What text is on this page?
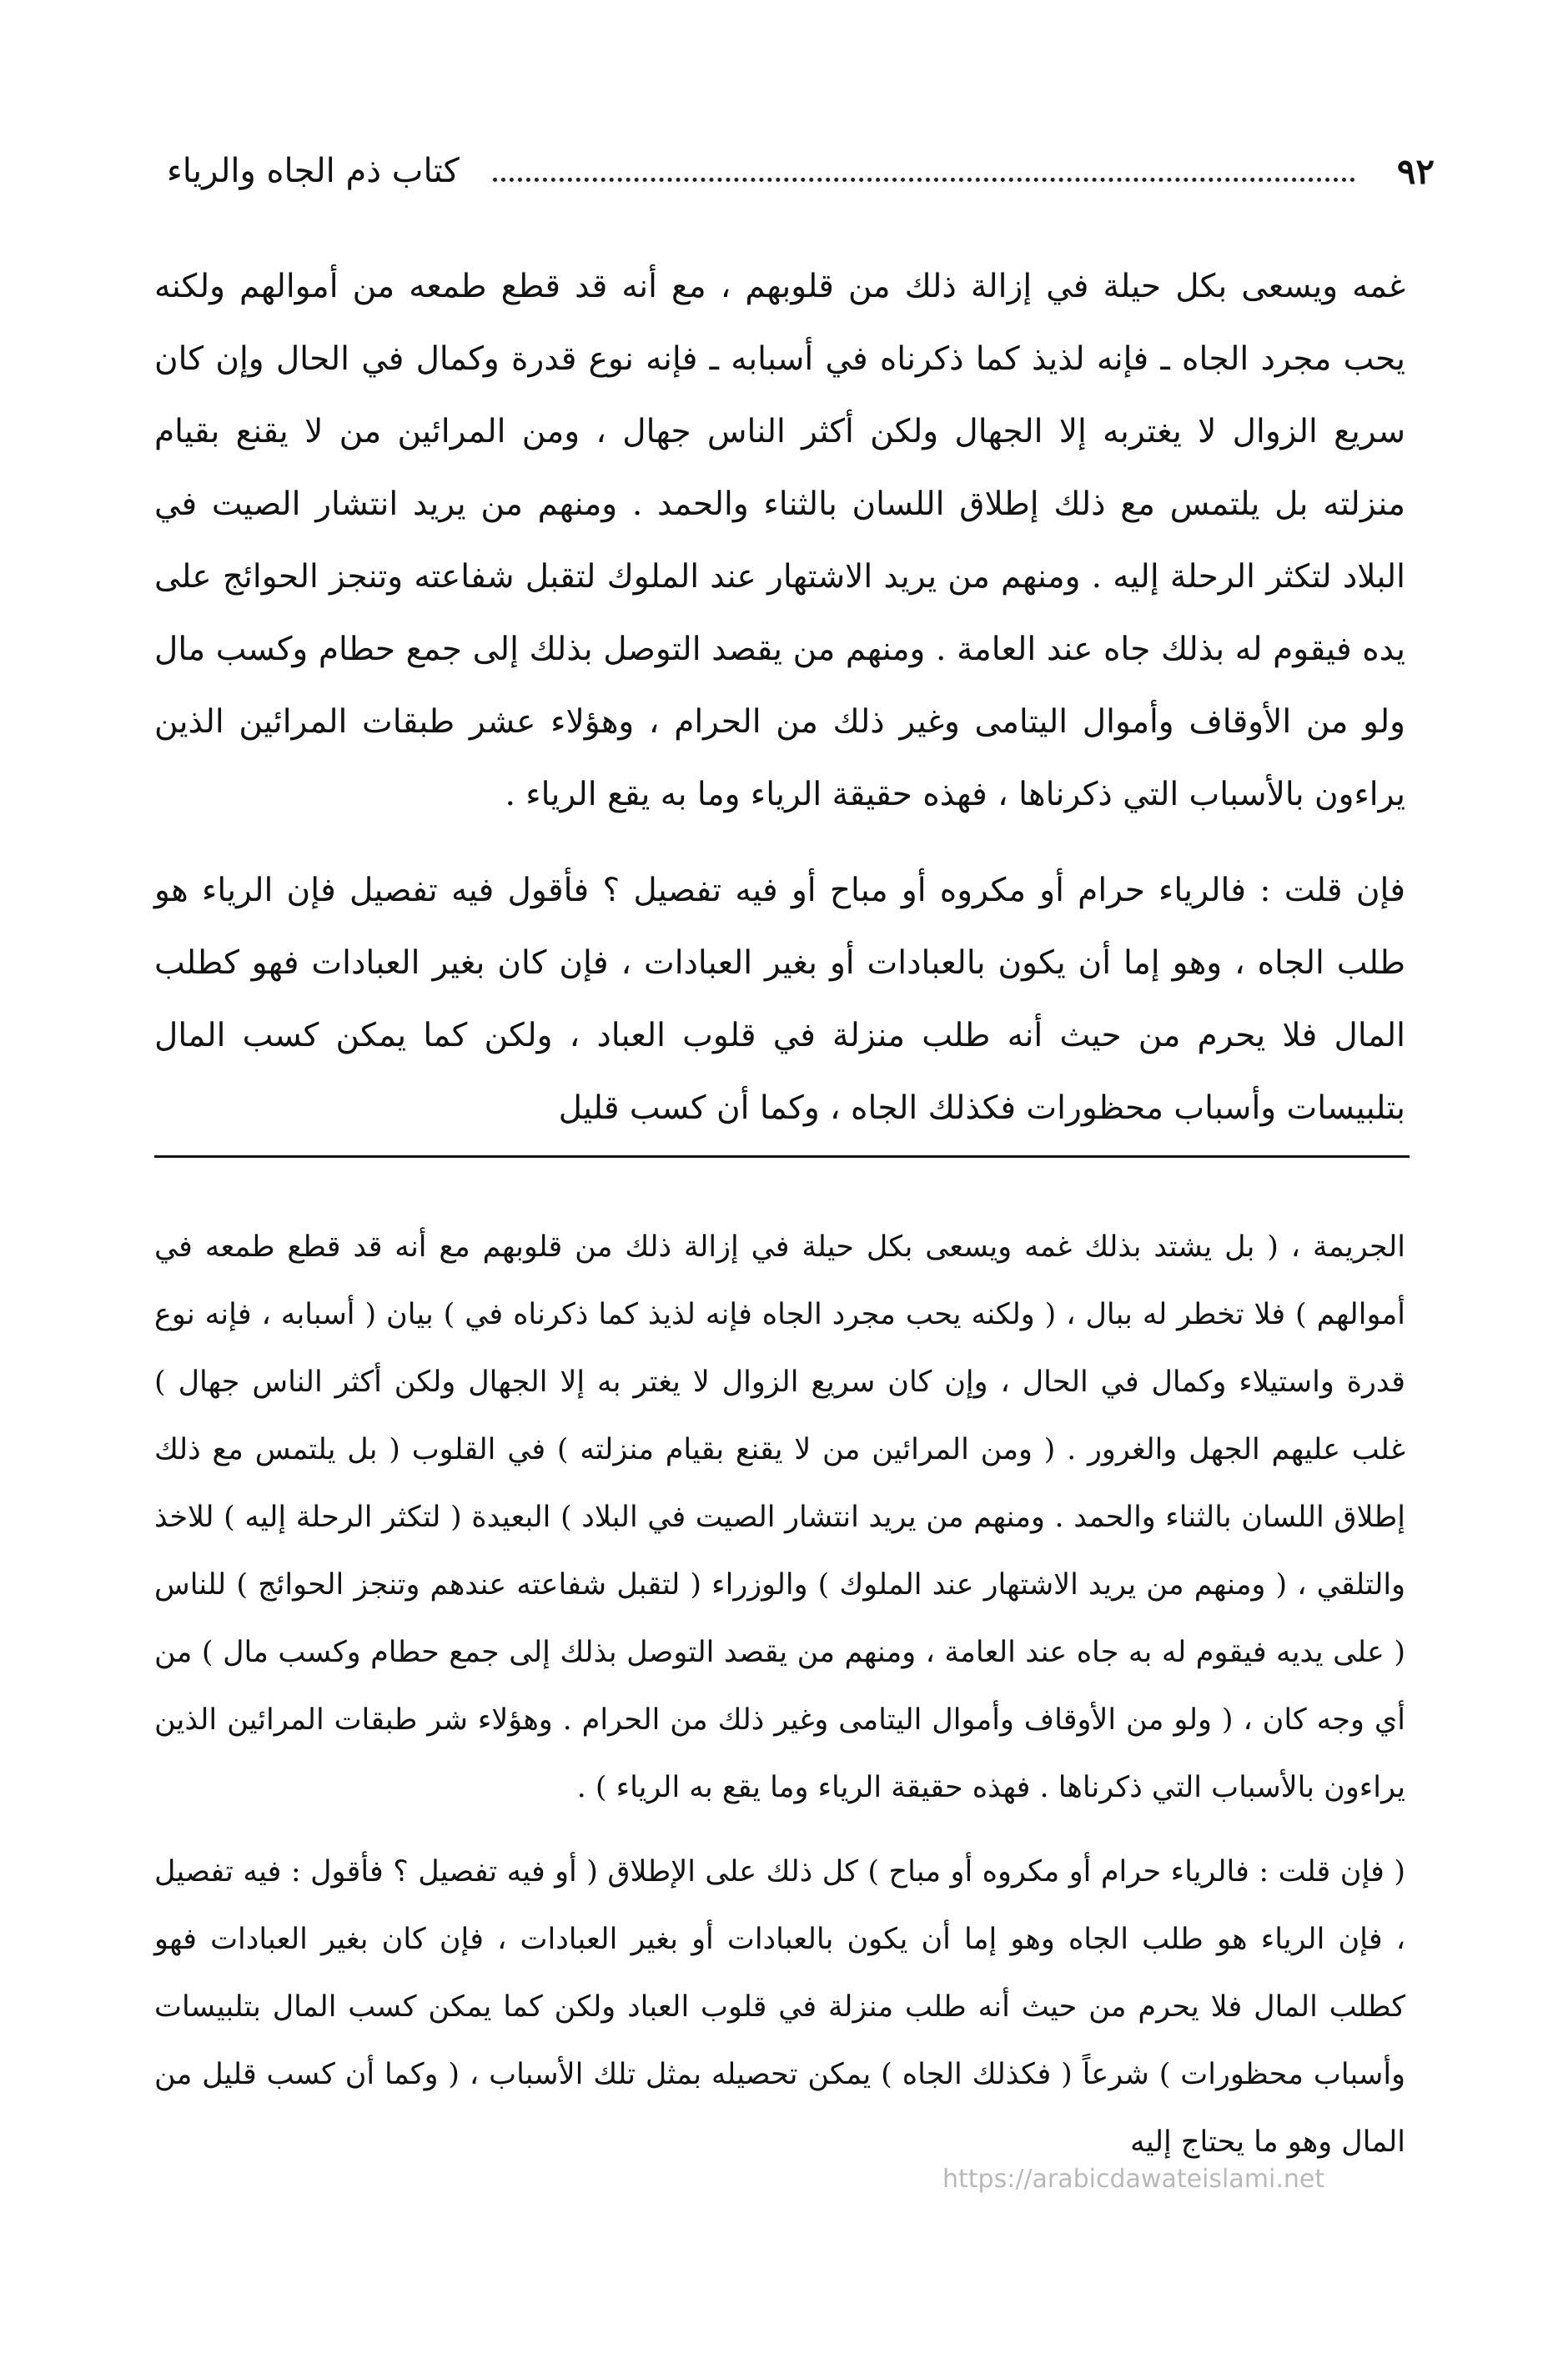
٩٢
كتاب ذم الجاه والرياء

غمه ويسعى بكل حيلة في إزالة ذلك من قلوبهم ، مع أنه قد قطع طمعه من أموالهم ولكنه يحب مجرد الجاه ـ فإنه لذيذ كما ذكرناه في أسبابه ـ فإنه نوع قدرة وكمال في الحال وإن كان سريع الزوال لا يغتربه إلا الجهال ولكن أكثر الناس جهال ، ومن المرائين من لا يقنع بقيام منزلته بل يلتمس مع ذلك إطلاق اللسان بالثناء والحمد . ومنهم من يريد انتشار الصيت في البلاد لتكثر الرحلة إليه . ومنهم من يريد الاشتهار عند الملوك لتقبل شفاعته وتنجز الحوائج على يده فيقوم له بذلك جاه عند العامة . ومنهم من يقصد التوصل بذلك إلى جمع حطام وكسب مال ولو من الأوقاف وأموال اليتامى وغير ذلك من الحرام ، وهؤلاء عشر طبقات المرائين الذين يراءون بالأسباب التي ذكرناها ، فهذه حقيقة الرياء وما به يقع الرياء .

فإن قلت : فالرياء حرام أو مكروه أو مباح أو فيه تفصيل ؟ فأقول فيه تفصيل فإن الرياء هو طلب الجاه ، وهو إما أن يكون بالعبادات أو بغير العبادات ، فإن كان بغير العبادات فهو كطلب المال فلا يحرم من حيث أنه طلب منزلة في قلوب العباد ، ولكن كما يمكن كسب المال بتلبيسات وأسباب محظورات فكذلك الجاه ، وكما أن كسب قليل

الجريمة ، ( بل يشتد بذلك غمه ويسعى بكل حيلة في إزالة ذلك من قلوبهم مع أنه قد قطع طمعه في أموالهم ) فلا تخطر له ببال ، ( ولكنه يحب مجرد الجاه فإنه لذيذ كما ذكرناه في ) بيان ( أسبابه ، فإنه نوع قدرة واستيلاء وكمال في الحال ، وإن كان سريع الزوال لا يغتر به إلا الجهال ولكن أكثر الناس جهال ) غلب عليهم الجهل والغرور . ( ومن المرائين من لا يقنع بقيام منزلته ) في القلوب ( بل يلتمس مع ذلك إطلاق اللسان بالثناء والحمد . ومنهم من يريد انتشار الصيت في البلاد ) البعيدة ( لتكثر الرحلة إليه ) للاخذ والتلقي ، ( ومنهم من يريد الاشتهار عند الملوك ) والوزراء ( لتقبل شفاعته عندهم وتنجز الحوائج ) للناس ( على يديه فيقوم له به جاه عند العامة ، ومنهم من يقصد التوصل بذلك إلى جمع حطام وكسب مال ) من أي وجه كان ، ( ولو من الأوقاف وأموال اليتامى وغير ذلك من الحرام . وهؤلاء شر طبقات المرائين الذين يراءون بالأسباب التي ذكرناها . فهذه حقيقة الرياء وما يقع به الرياء ) .

( فإن قلت : فالرياء حرام أو مكروه أو مباح ) كل ذلك على الإطلاق ( أو فيه تفصيل ؟ فأقول : فيه تفصيل ، فإن الرياء هو طلب الجاه وهو إما أن يكون بالعبادات أو بغير العبادات ، فإن كان بغير العبادات فهو كطلب المال فلا يحرم من حيث أنه طلب منزلة في قلوب العباد ولكن كما يمكن كسب المال بتلبيسات وأسباب محظورات ) شرعاً ( فكذلك الجاه ) يمكن تحصيله بمثل تلك الأسباب ، ( وكما أن كسب قليل من المال وهو ما يحتاج إليه

https://arabicdawateislami.net
